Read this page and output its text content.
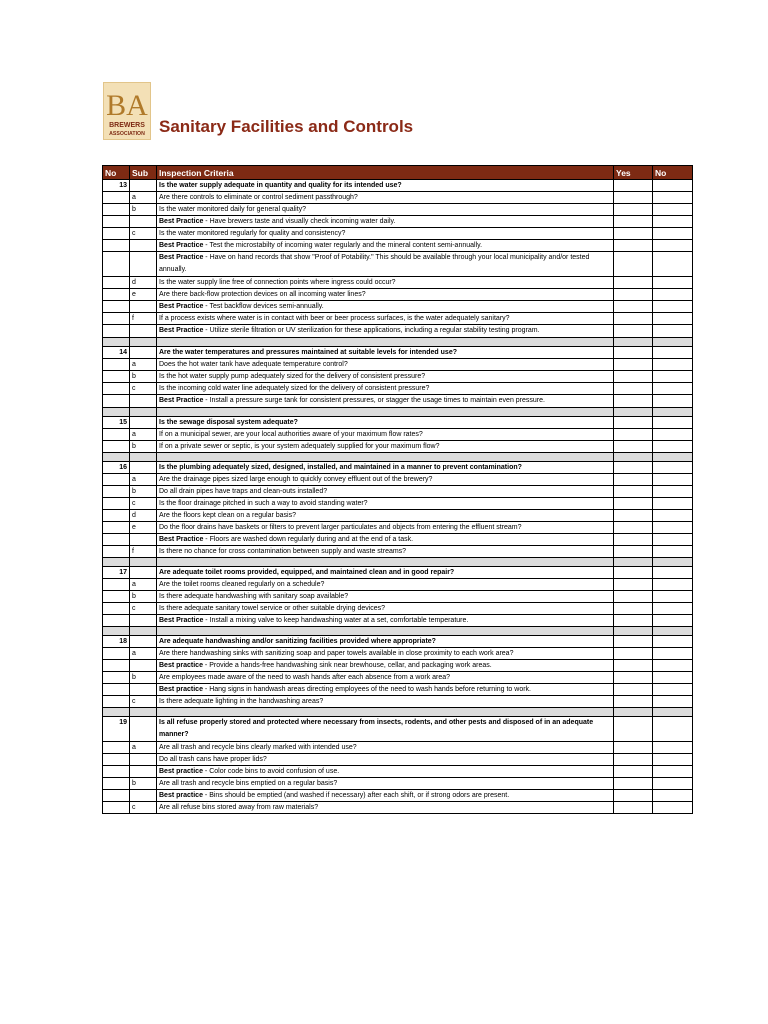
BA
BREWERS
ASSOCIATION Sanitary Facilities and Controls
No	Sub	Inspection Criteria	Yes	No
13		Is the water supply adequate in quantity and quality for its intended use?		
	a	Are there controls to eliminate or control sediment passthrough?		
	b	Is the water monitored daily for general quality?		
		Best Practice - Have brewers taste and visually check incoming water daily.		
	c	Is the water monitored regularly for quality and consistency?		
		Best Practice - Test the microstabilty of incoming water regularly and the mineral content semi-annually.		
		Best Practice - Have on hand records that show "Proof of Potability." This should be available through your local municipality and/or tested annually.		
	d	Is the water supply line free of connection points where ingress could occur?		
	e	Are there back-flow protection devices on all incoming water lines?		
		Best Practice - Test backflow devices semi-annually.		
	f	If a process exists where water is in contact with beer or beer process surfaces, is the water adequately sanitary?		
		Best Practice - Utilize sterile filtration or UV sterilization for these applications, including a regular stability testing program.		

14		Are the water temperatures and pressures maintained at suitable levels for intended use?		
	a	Does the hot water tank have adequate temperature control?		
	b	Is the hot water supply pump adequately sized for the delivery of consistent pressure?		
	c	Is the incoming cold water line adequately sized for the delivery of consistent pressure?		
		Best Practice - Install a pressure surge tank for consistent pressures, or stagger the usage times to maintain even pressure.		

15		Is the sewage disposal system adequate?		
	a	If on a municipal sewer, are your local authorities aware of your maximum flow rates?		
	b	If on a private sewer or septic, is your system adequately supplied for your maximum flow?		

16		Is the plumbing adequately sized, designed, installed, and maintained in a manner to prevent contamination?		
	a	Are the drainage pipes sized large enough to quickly convey effluent out of the brewery?		
	b	Do all drain pipes have traps and clean-outs installed?		
	c	Is the floor drainage pitched in such a way to avoid standing water?		
	d	Are the floors kept clean on a regular basis?		
	e	Do the floor drains have baskets or filters to prevent larger particulates and objects from entering the effluent stream?		
		Best Practice - Floors are washed down regularly during and at the end of a task.		
	f	Is there no chance for cross contamination between supply and waste streams?		

17		Are adequate toilet rooms provided, equipped, and maintained clean and in good repair?		
	a	Are the toilet rooms cleaned regularly on a schedule?		
	b	Is there adequate handwashing with sanitary soap available?		
	c	Is there adequate sanitary towel service or other suitable drying devices?		
		Best Practice - Install a mixing valve to keep handwashing water at a set, comfortable temperature.		

18		Are adequate handwashing and/or sanitizing facilities provided where appropriate?		
	a	Are there handwashing sinks with sanitizing soap and paper towels available in close proximity to each work area?		
		Best practice - Provide a hands-free handwashing sink near brewhouse, cellar, and packaging work areas.		
	b	Are employees made aware of the need to wash hands after each absence from a work area?		
		Best practice - Hang signs in handwash areas directing employees of the need to wash hands before returning to work.		
	c	Is there adequate lighting in the handwashing areas?		

19		Is all refuse properly stored and protected where necessary from insects, rodents, and other pests and disposed of in an adequate manner?		
	a	Are all trash and recycle bins clearly marked with intended use?		
		Do all trash cans have proper lids?		
		Best practice - Color code bins to avoid confusion of use.		
	b	Are all trash and recycle bins emptied on a regular basis?		
		Best practice - Bins should be emptied (and washed if necessary) after each shift, or if strong odors are present.		
	c	Are all refuse bins stored away from raw materials?		
